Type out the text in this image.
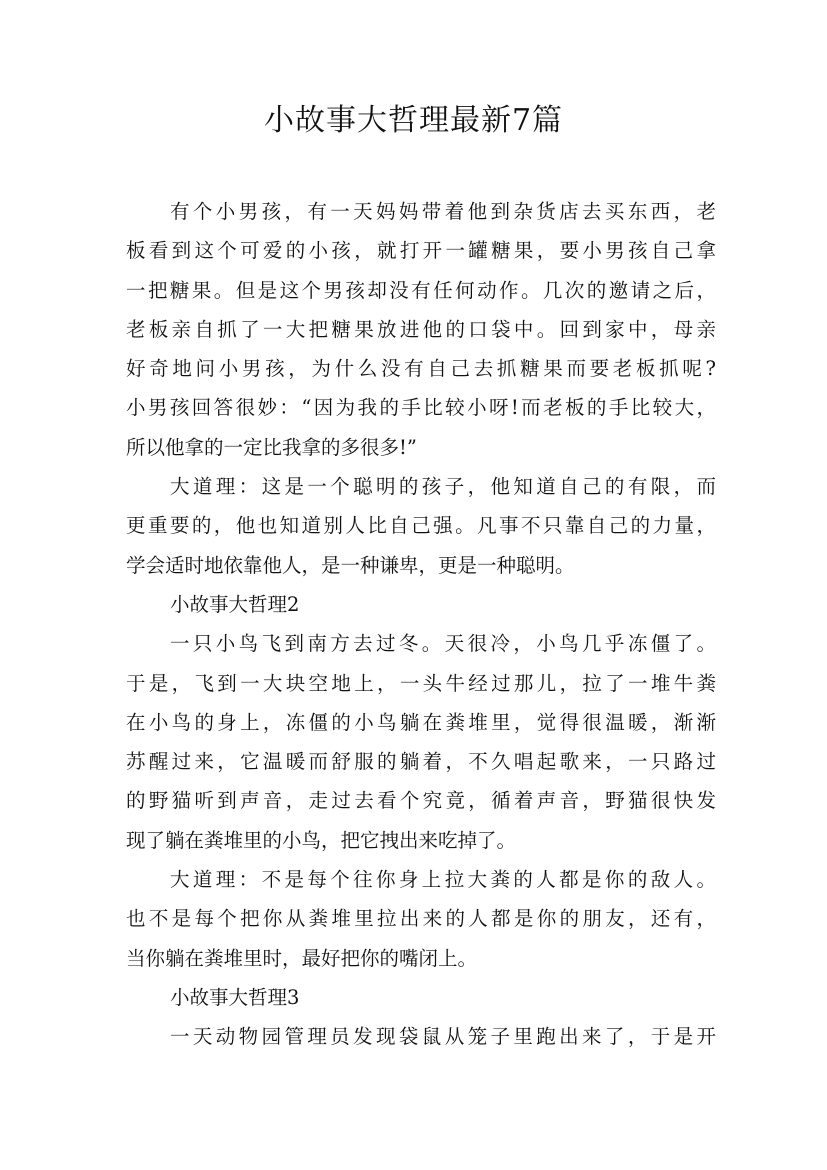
小故事大哲理最新7篇
有个小男孩，有一天妈妈带着他到杂货店去买东西，老
板看到这个可爱的小孩，就打开一罐糖果，要小男孩自己拿
一把糖果。但是这个男孩却没有任何动作。几次的邀请之后，
老板亲自抓了一大把糖果放进他的口袋中。回到家中，母亲
好奇地问小男孩，为什么没有自己去抓糖果而要老板抓呢?
小男孩回答很妙：“因为我的手比较小呀!而老板的手比较大，
所以他拿的一定比我拿的多很多!”
大道理：这是一个聪明的孩子，他知道自己的有限，而
更重要的，他也知道别人比自己强。凡事不只靠自己的力量，
学会适时地依靠他人，是一种谦卑，更是一种聪明。
小故事大哲理2
一只小鸟飞到南方去过冬。天很冷，小鸟几乎冻僵了。
于是，飞到一大块空地上，一头牛经过那儿，拉了一堆牛粪
在小鸟的身上，冻僵的小鸟躺在粪堆里，觉得很温暖，渐渐
苏醒过来，它温暖而舒服的躺着，不久唱起歌来，一只路过
的野猫听到声音，走过去看个究竟，循着声音，野猫很快发
现了躺在粪堆里的小鸟，把它拽出来吃掉了。
大道理：不是每个往你身上拉大粪的人都是你的敌人。
也不是每个把你从粪堆里拉出来的人都是你的朋友，还有，
当你躺在粪堆里时，最好把你的嘴闭上。
小故事大哲理3
一天动物园管理员发现袋鼠从笼子里跑出来了，于是开
